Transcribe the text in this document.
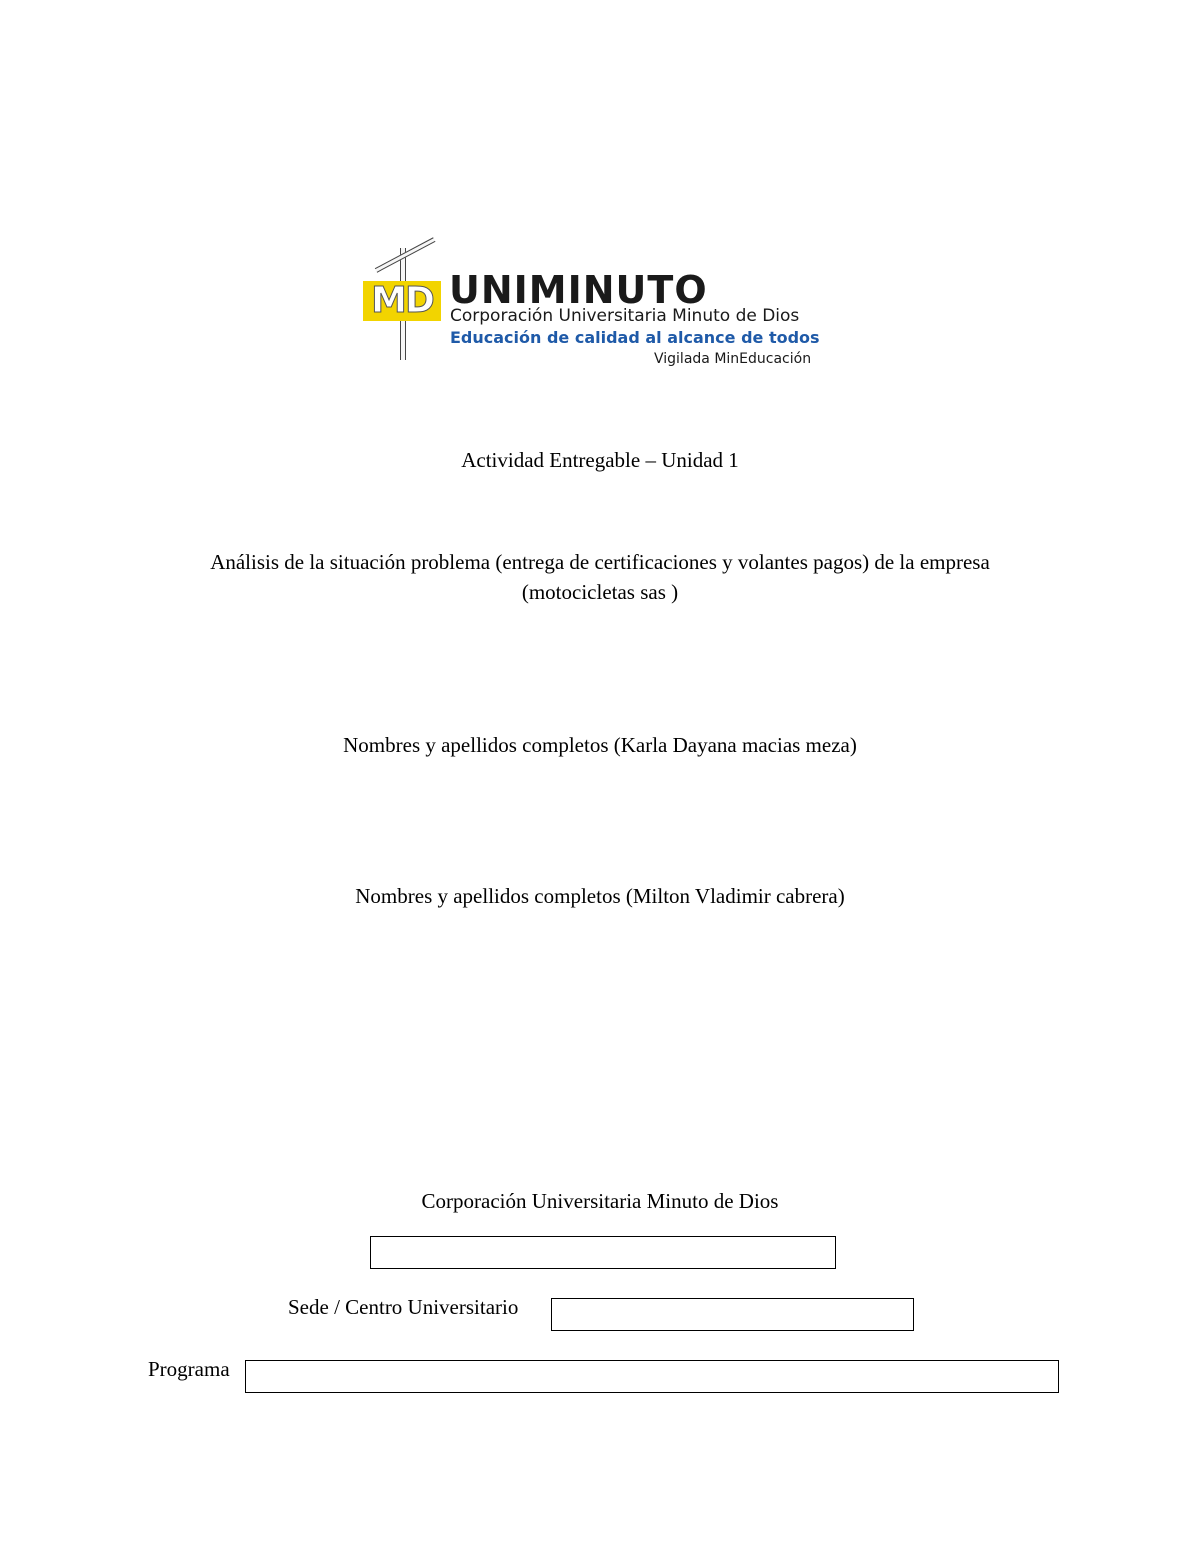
MD UNIMINUTO
Corporación Universitaria Minuto de Dios
Educación de calidad al alcance de todos
Vigilada MinEducación
Actividad Entregable – Unidad 1
Análisis de la situación problema (entrega de certificaciones y volantes pagos) de la empresa
(motocicletas sas )
Nombres y apellidos completos (Karla Dayana macias meza)
Nombres y apellidos completos (Milton Vladimir cabrera)
Corporación Universitaria Minuto de Dios
Sede / Centro Universitario
Programa
